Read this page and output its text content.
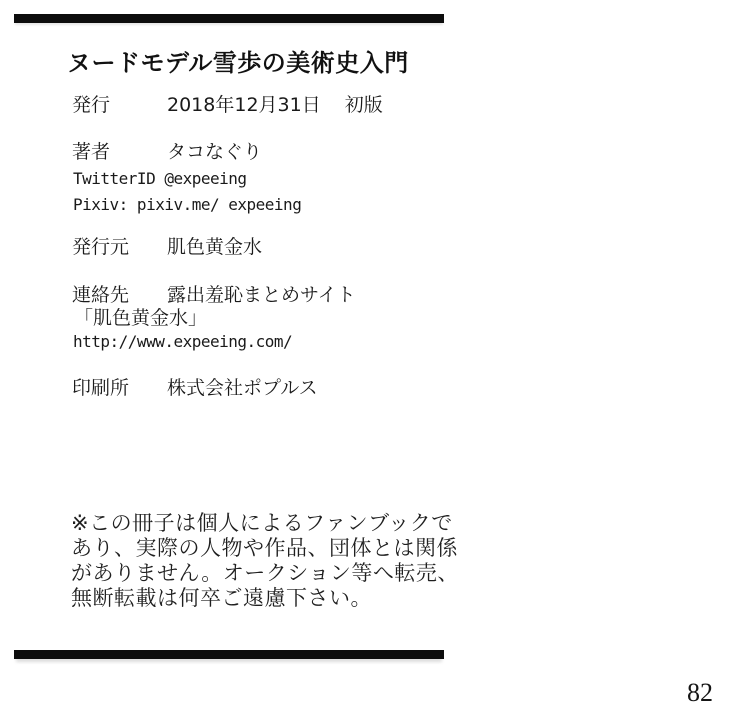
ヌードモデル雪歩の美術史入門
発行	2018年12月31日 初版
著者	タコなぐり
TwitterID @expeeing
Pixiv: pixiv.me/ expeeing
発行元 肌色黄金水
連絡先 露出羞恥まとめサイト
「肌色黄金水」
http://www.expeeing.com/
印刷所 株式会社ポプルス
※この冊子は個人によるファンブックで
あり、実際の人物や作品、団体とは関係
がありません。オークション等へ転売、
無断転載は何卒ご遠慮下さい。
82
